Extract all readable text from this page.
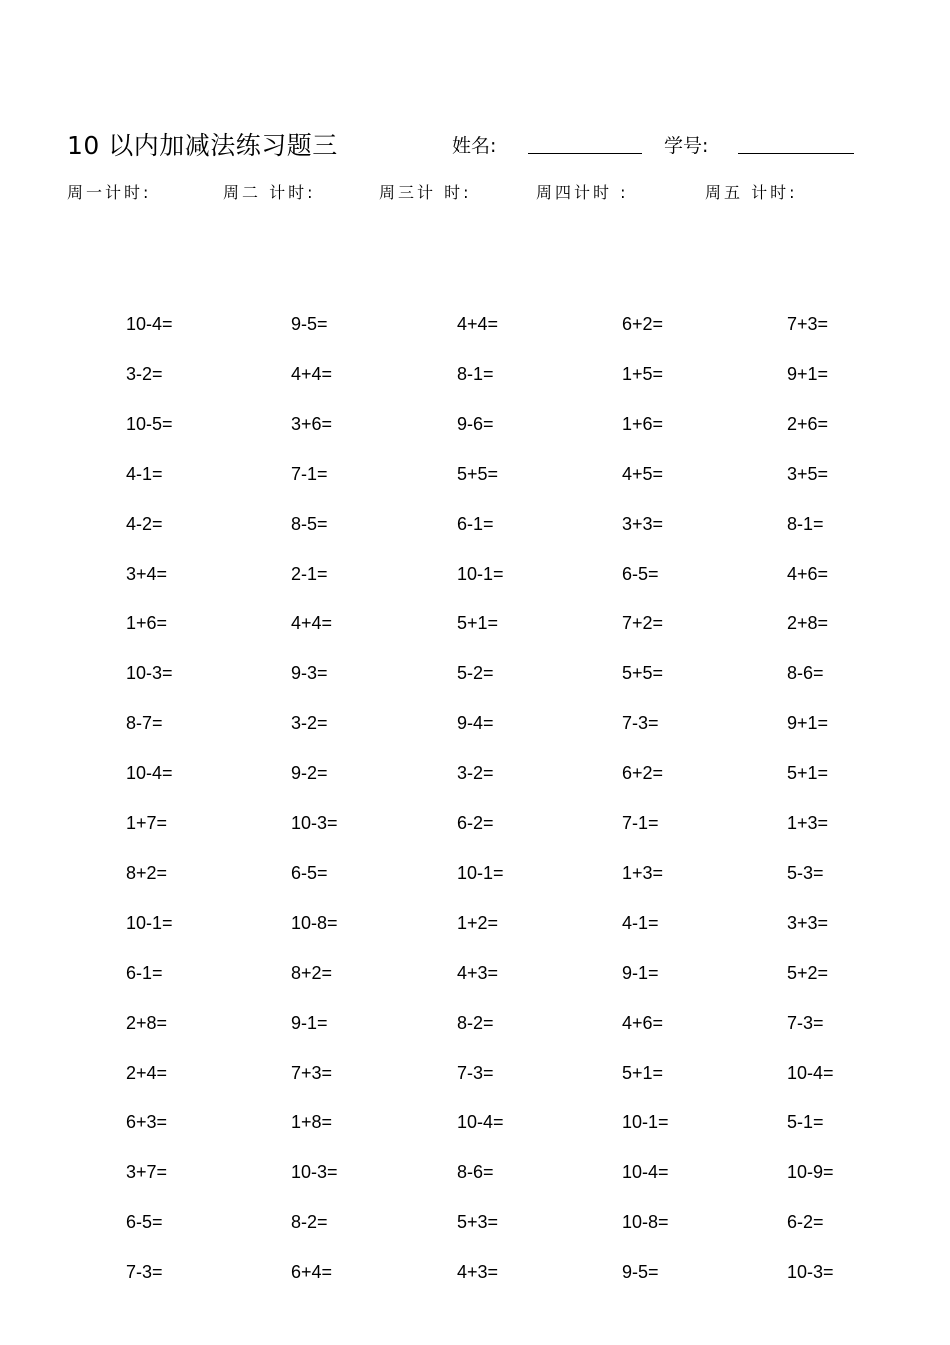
10 以内加减法练习题三	姓名:	学号:
周一计时:	周二 计时:	周三计 时:	周四计时 :	周五 计时:
10-4=	9-5=	4+4=	6+2=	7+3=
3-2=	4+4=	8-1=	1+5=	9+1=
10-5=	3+6=	9-6=	1+6=	2+6=
4-1=	7-1=	5+5=	4+5=	3+5=
4-2=	8-5=	6-1=	3+3=	8-1=
3+4=	2-1=	10-1=	6-5=	4+6=
1+6=	4+4=	5+1=	7+2=	2+8=
10-3=	9-3=	5-2=	5+5=	8-6=
8-7=	3-2=	9-4=	7-3=	9+1=
10-4=	9-2=	3-2=	6+2=	5+1=
1+7=	10-3=	6-2=	7-1=	1+3=
8+2=	6-5=	10-1=	1+3=	5-3=
10-1=	10-8=	1+2=	4-1=	3+3=
6-1=	8+2=	4+3=	9-1=	5+2=
2+8=	9-1=	8-2=	4+6=	7-3=
2+4=	7+3=	7-3=	5+1=	10-4=
6+3=	1+8=	10-4=	10-1=	5-1=
3+7=	10-3=	8-6=	10-4=	10-9=
6-5=	8-2=	5+3=	10-8=	6-2=
7-3=	6+4=	4+3=	9-5=	10-3=
